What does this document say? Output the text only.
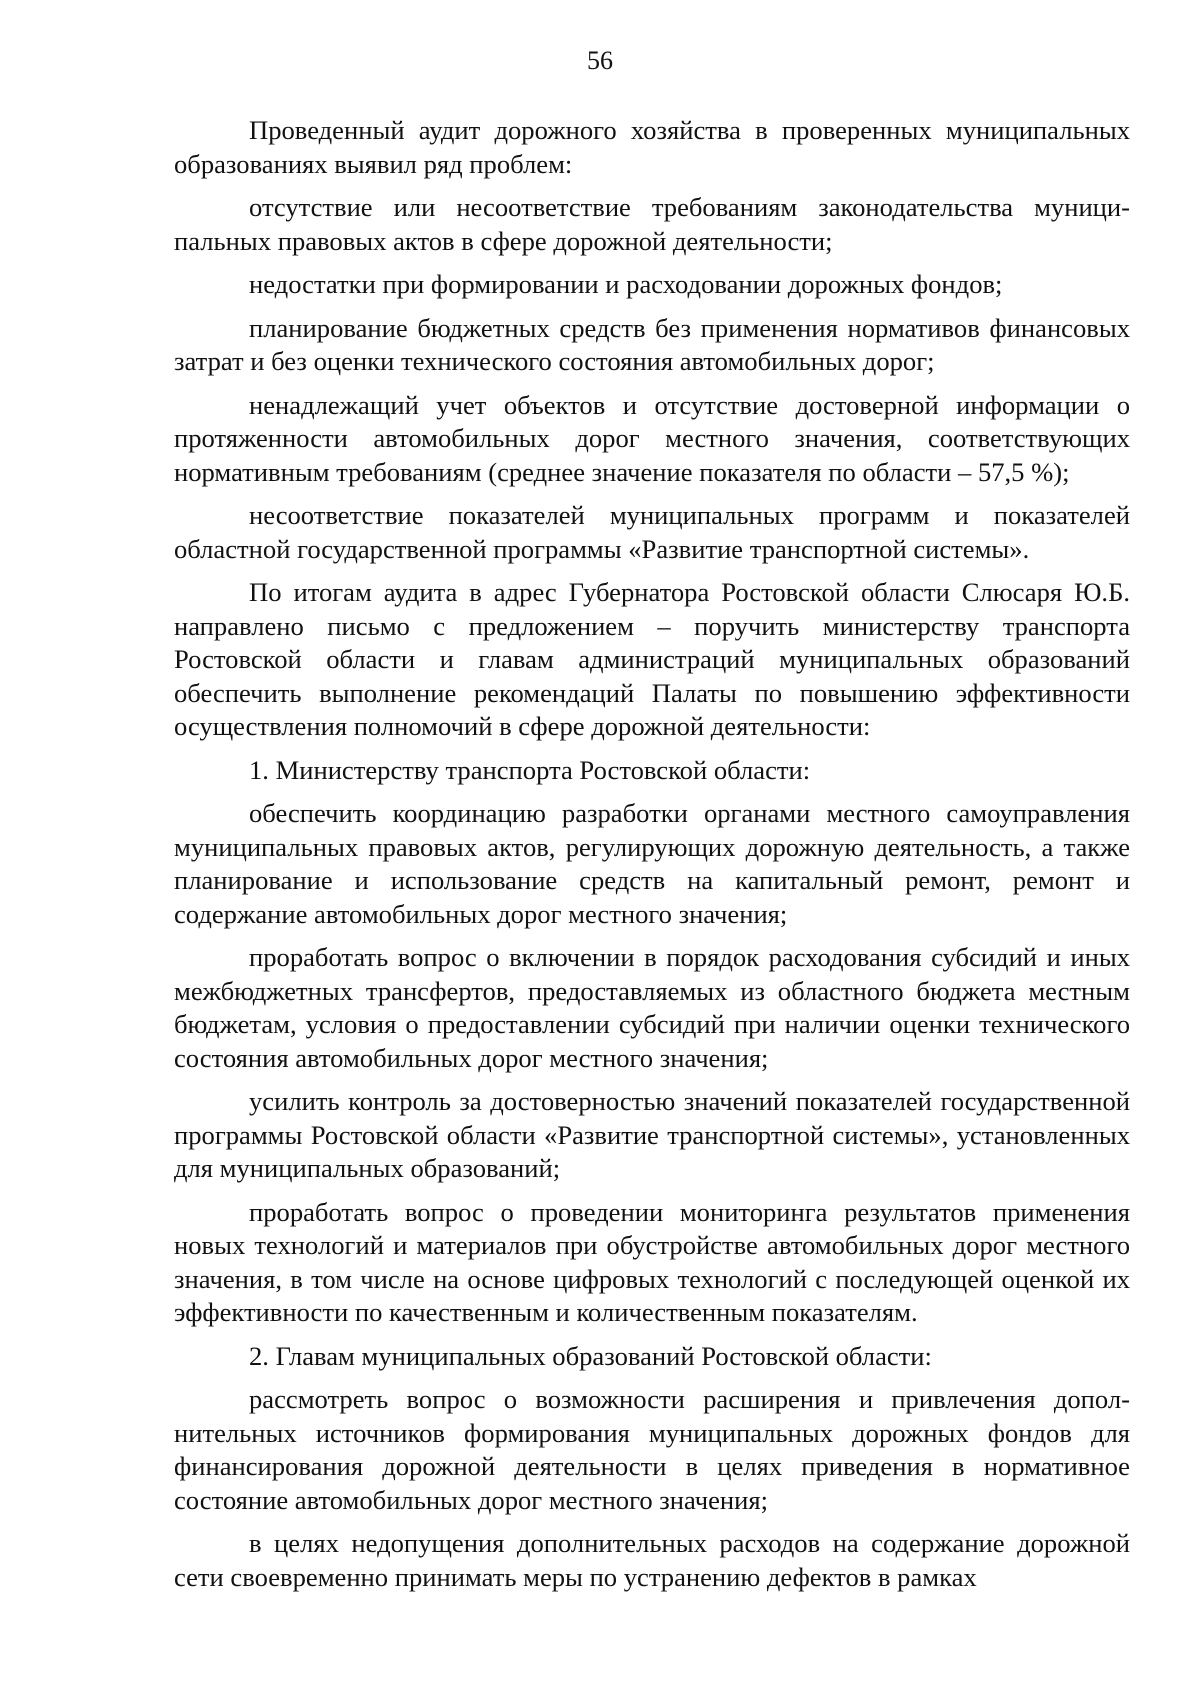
56

Проведенный аудит дорожного хозяйства в проверенных муниципальных образованиях выявил ряд проблем:

отсутствие или несоответствие требованиям законодательства муниципальных правовых актов в сфере дорожной деятельности;

недостатки при формировании и расходовании дорожных фондов;

планирование бюджетных средств без применения нормативов финансовых затрат и без оценки технического состояния автомобильных дорог;

ненадлежащий учет объектов и отсутствие достоверной информации о протяженности автомобильных дорог местного значения, соответствующих нормативным требованиям (среднее значение показателя по области – 57,5 %);

несоответствие показателей муниципальных программ и показателей областной государственной программы «Развитие транспортной системы».

По итогам аудита в адрес Губернатора Ростовской области Слюсаря Ю.Б. направлено письмо с предложением – поручить министерству транспорта Ростовской области и главам администраций муниципальных образований обеспечить выполнение рекомендаций Палаты по повышению эффективности осуществления полномочий в сфере дорожной деятельности:

1. Министерству транспорта Ростовской области:

обеспечить координацию разработки органами местного самоуправления муниципальных правовых актов, регулирующих дорожную деятельность, а также планирование и использование средств на капитальный ремонт, ремонт и содержание автомобильных дорог местного значения;

проработать вопрос о включении в порядок расходования субсидий и иных межбюджетных трансфертов, предоставляемых из областного бюджета местным бюджетам, условия о предоставлении субсидий при наличии оценки технического состояния автомобильных дорог местного значения;

усилить контроль за достоверностью значений показателей государственной программы Ростовской области «Развитие транспортной системы», установленных для муниципальных образований;

проработать вопрос о проведении мониторинга результатов применения новых технологий и материалов при обустройстве автомобильных дорог местного значения, в том числе на основе цифровых технологий с последующей оценкой их эффективности по качественным и количественным показателям.

2. Главам муниципальных образований Ростовской области:

рассмотреть вопрос о возможности расширения и привлечения дополнительных источников формирования муниципальных дорожных фондов для финансирования дорожной деятельности в целях приведения в нормативное состояние автомобильных дорог местного значения;

в целях недопущения дополнительных расходов на содержание дорожной сети своевременно принимать меры по устранению дефектов в рамках
